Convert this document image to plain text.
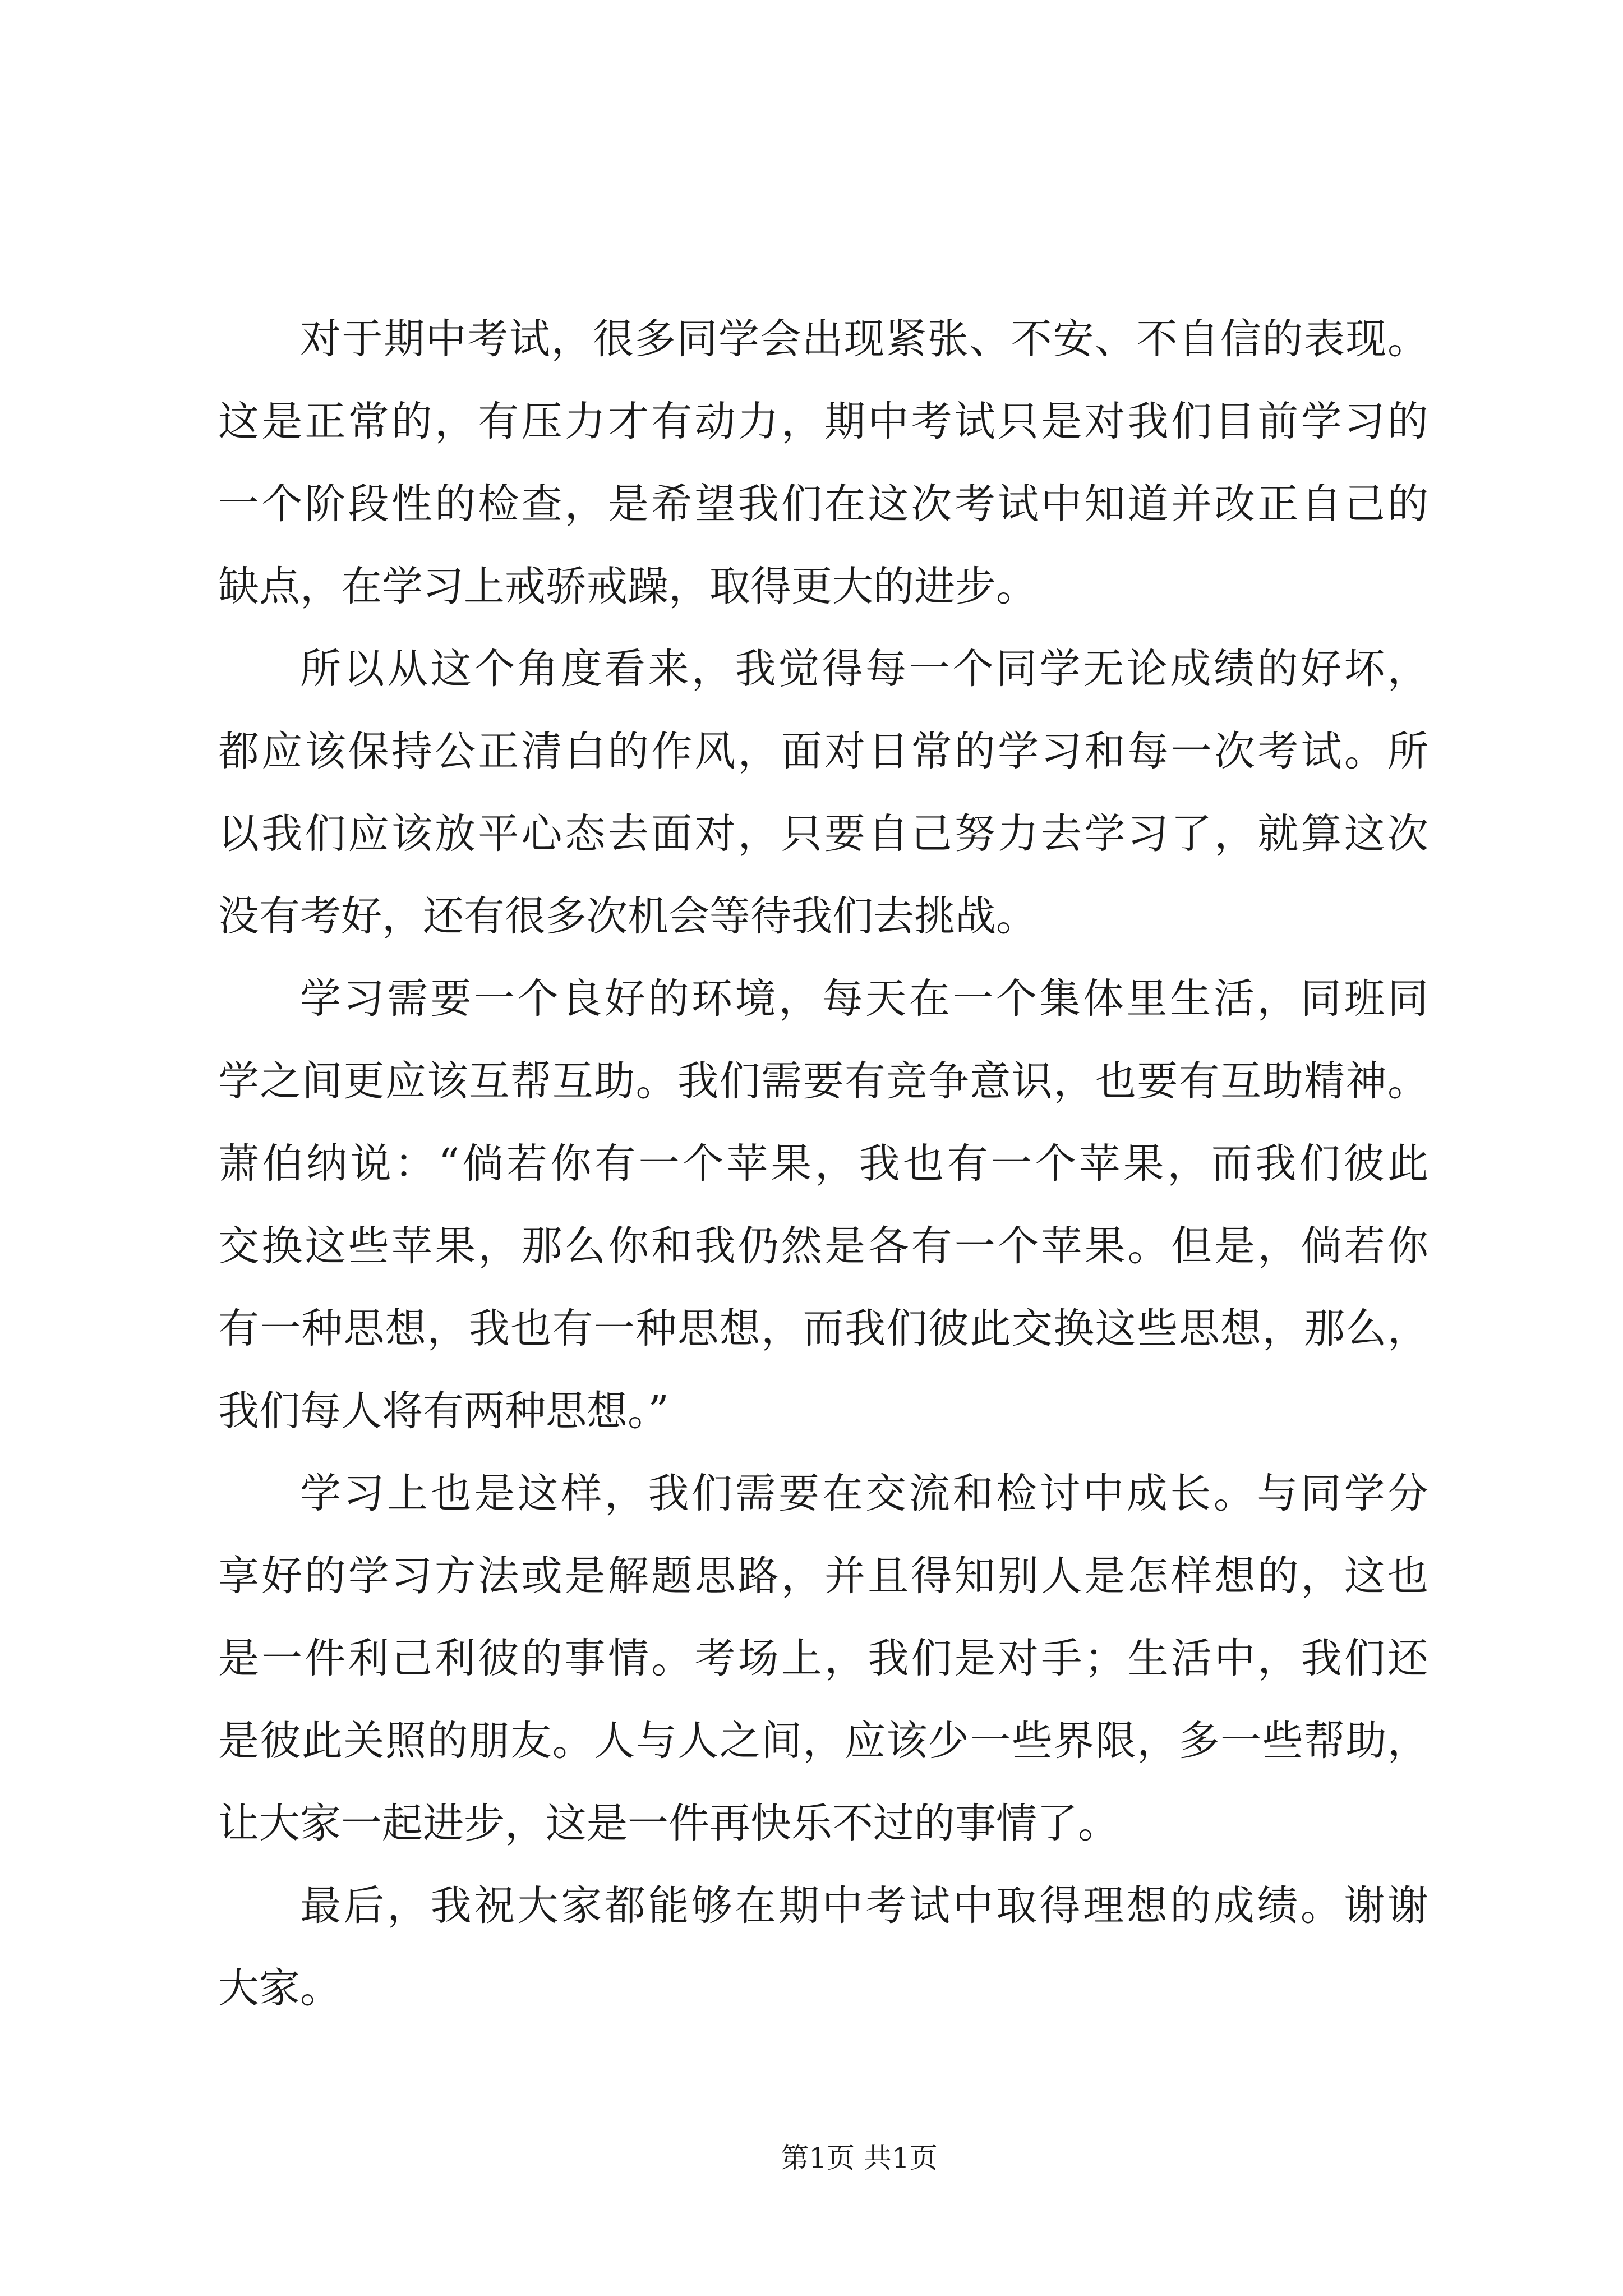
对于期中考试，很多同学会出现紧张、不安、不自信的表现。
这是正常的，有压力才有动力，期中考试只是对我们目前学习的
一个阶段性的检查，是希望我们在这次考试中知道并改正自己的
缺点，在学习上戒骄戒躁，取得更大的进步。
所以从这个角度看来，我觉得每一个同学无论成绩的好坏，
都应该保持公正清白的作风，面对日常的学习和每一次考试。所
以我们应该放平心态去面对，只要自己努力去学习了，就算这次
没有考好，还有很多次机会等待我们去挑战。
学习需要一个良好的环境，每天在一个集体里生活，同班同
学之间更应该互帮互助。我们需要有竞争意识，也要有互助精神。
萧伯纳说：“倘若你有一个苹果，我也有一个苹果，而我们彼此
交换这些苹果，那么你和我仍然是各有一个苹果。但是，倘若你
有一种思想，我也有一种思想，而我们彼此交换这些思想，那么，
我们每人将有两种思想。”
学习上也是这样，我们需要在交流和检讨中成长。与同学分
享好的学习方法或是解题思路，并且得知别人是怎样想的，这也
是一件利己利彼的事情。考场上，我们是对手；生活中，我们还
是彼此关照的朋友。人与人之间，应该少一些界限，多一些帮助，
让大家一起进步，这是一件再快乐不过的事情了。
最后，我祝大家都能够在期中考试中取得理想的成绩。谢谢
大家。
第1页 共1页
